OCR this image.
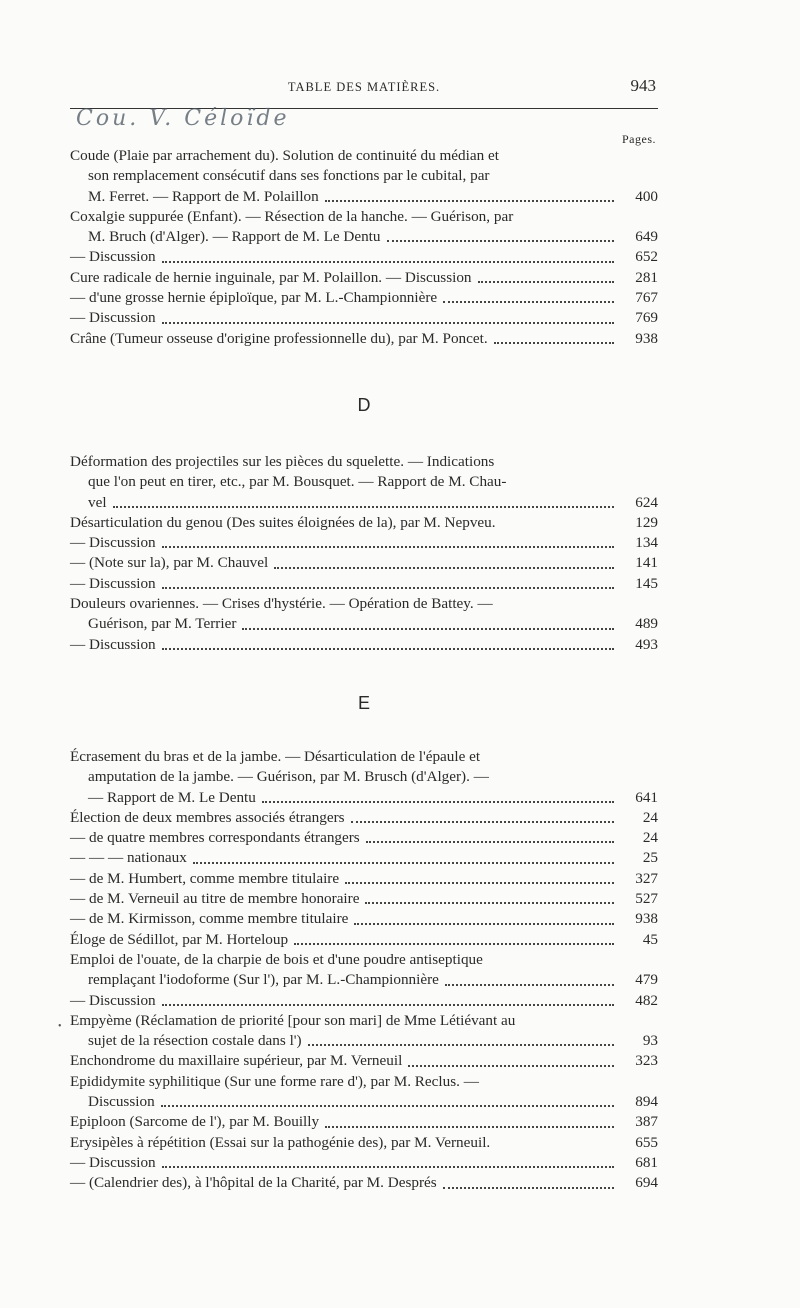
TABLE DES MATIÈRES.	943
Cou. V. Céloïde
Pages.
Coude (Plaie par arrachement du). Solution de continuité du médian et
son remplacement consécutif dans ses fonctions par le cubital, par
M. Ferret. — Rapport de M. Polaillon	400
Coxalgie suppurée (Enfant). — Résection de la hanche. — Guérison, par
M. Bruch (d'Alger). — Rapport de M. Le Dentu	649
— Discussion	652
Cure radicale de hernie inguinale, par M. Polaillon. — Discussion	281
— d'une grosse hernie épiploïque, par M. L.-Championnière	767
— Discussion	769
Crâne (Tumeur osseuse d'origine professionnelle du), par M. Poncet.	938
D
Déformation des projectiles sur les pièces du squelette. — Indications
que l'on peut en tirer, etc., par M. Bousquet. — Rapport de M. Chau-
vel	624
Désarticulation du genou (Des suites éloignées de la), par M. Nepveu.	129
— Discussion	134
— (Note sur la), par M. Chauvel	141
— Discussion	145
Douleurs ovariennes. — Crises d'hystérie. — Opération de Battey. —
Guérison, par M. Terrier	489
— Discussion	493
E
•
Écrasement du bras et de la jambe. — Désarticulation de l'épaule et
amputation de la jambe. — Guérison, par M. Brusch (d'Alger). —
— Rapport de M. Le Dentu	641
Élection de deux membres associés étrangers	24
— de quatre membres correspondants étrangers	24
— — — nationaux	25
— de M. Humbert, comme membre titulaire	327
— de M. Verneuil au titre de membre honoraire	527
— de M. Kirmisson, comme membre titulaire	938
Éloge de Sédillot, par M. Horteloup	45
Emploi de l'ouate, de la charpie de bois et d'une poudre antiseptique
remplaçant l'iodoforme (Sur l'), par M. L.-Championnière	479
— Discussion	482
Empyème (Réclamation de priorité [pour son mari] de Mme Létiévant au
sujet de la résection costale dans l')	93
Enchondrome du maxillaire supérieur, par M. Verneuil	323
Epididymite syphilitique (Sur une forme rare d'), par M. Reclus. —
Discussion	894
Epiploon (Sarcome de l'), par M. Bouilly	387
Erysipèles à répétition (Essai sur la pathogénie des), par M. Verneuil.	655
— Discussion	681
— (Calendrier des), à l'hôpital de la Charité, par M. Després	694
